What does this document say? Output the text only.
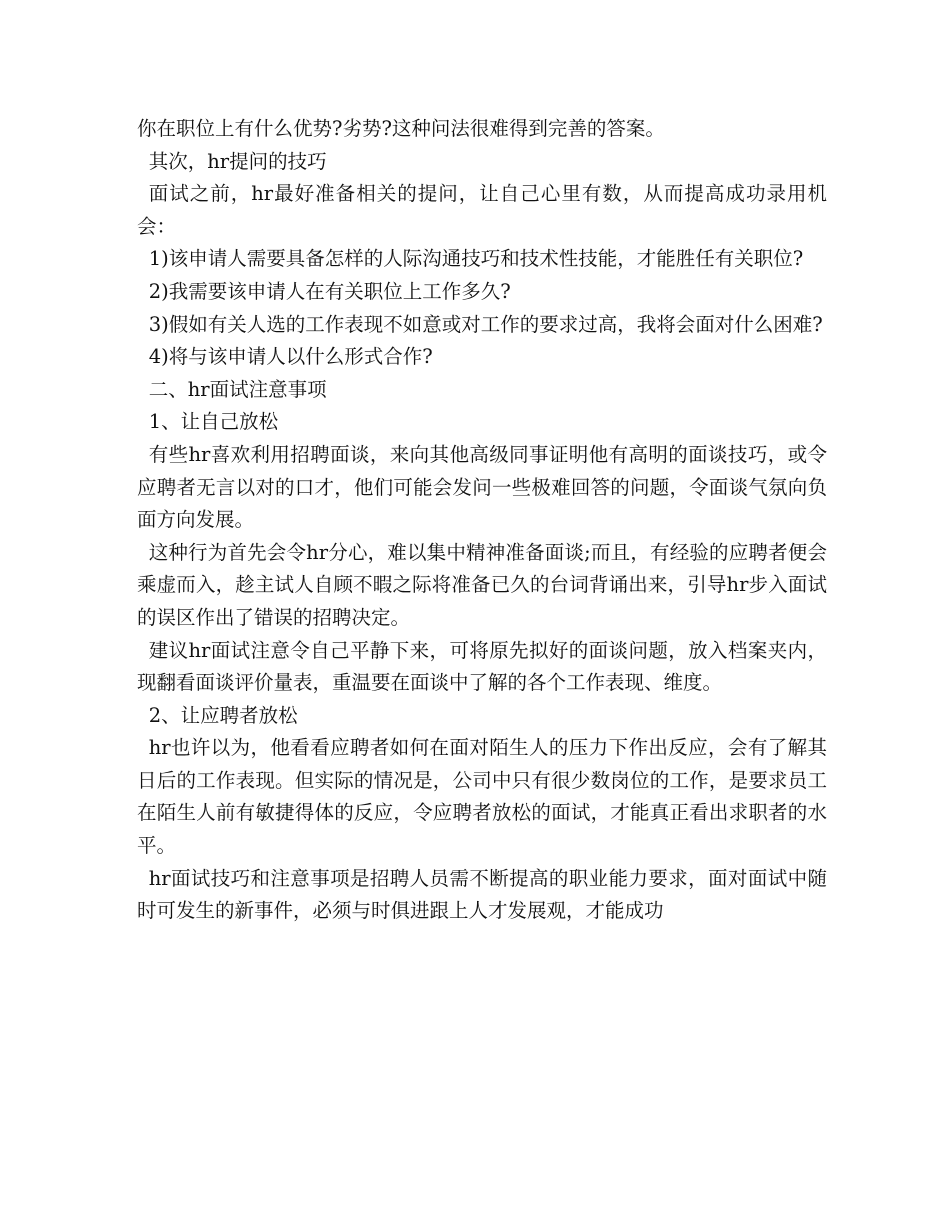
你在职位上有什么优势?劣势?这种问法很难得到完善的答案。

其次，hr提问的技巧

面试之前，hr最好准备相关的提问，让自己心里有数，从而提高成功录用机会：

1)该申请人需要具备怎样的人际沟通技巧和技术性技能，才能胜任有关职位?

2)我需要该申请人在有关职位上工作多久?

3)假如有关人选的工作表现不如意或对工作的要求过高，我将会面对什么困难?

4)将与该申请人以什么形式合作?

二、hr面试注意事项

1、让自己放松

有些hr喜欢利用招聘面谈，来向其他高级同事证明他有高明的面谈技巧，或令应聘者无言以对的口才，他们可能会发问一些极难回答的问题，令面谈气氛向负面方向发展。

这种行为首先会令hr分心，难以集中精神准备面谈;而且，有经验的应聘者便会乘虚而入，趁主试人自顾不暇之际将准备已久的台词背诵出来，引导hr步入面试的误区作出了错误的招聘决定。

建议hr面试注意令自己平静下来，可将原先拟好的面谈问题，放入档案夹内，现翻看面谈评价量表，重温要在面谈中了解的各个工作表现、维度。

2、让应聘者放松

hr也许以为，他看看应聘者如何在面对陌生人的压力下作出反应，会有了解其日后的工作表现。但实际的情况是，公司中只有很少数岗位的工作，是要求员工在陌生人前有敏捷得体的反应，令应聘者放松的面试，才能真正看出求职者的水平。

hr面试技巧和注意事项是招聘人员需不断提高的职业能力要求，面对面试中随时可发生的新事件，必须与时俱进跟上人才发展观，才能成功
